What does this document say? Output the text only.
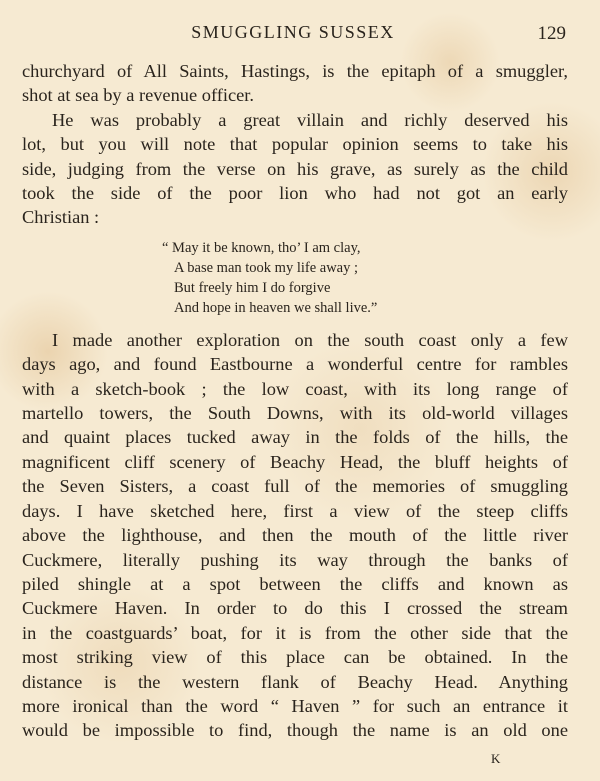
SMUGGLING SUSSEX	129

churchyard of All Saints, Hastings, is the epitaph of a smuggler,

shot at sea by a revenue officer.

He was probably a great villain and richly deserved his

lot, but you will note that popular opinion seems to take his

side, judging from the verse on his grave, as surely as the child

took the side of the poor lion who had not got an early

Christian :

“ May it be known, tho’ I am clay,
A base man took my life away ;
But freely him I do forgive
And hope in heaven we shall live.”

I made another exploration on the south coast only a few

days ago, and found Eastbourne a wonderful centre for rambles

with a sketch-book ; the low coast, with its long range of

martello towers, the South Downs, with its old-world villages

and quaint places tucked away in the folds of the hills, the

magnificent cliff scenery of Beachy Head, the bluff heights of

the Seven Sisters, a coast full of the memories of smuggling

days. I have sketched here, first a view of the steep cliffs

above the lighthouse, and then the mouth of the little river

Cuckmere, literally pushing its way through the banks of

piled shingle at a spot between the cliffs and known as

Cuckmere Haven. In order to do this I crossed the stream

in the coastguards’ boat, for it is from the other side that the

most striking view of this place can be obtained. In the

distance is the western flank of Beachy Head. Anything

more ironical than the word “ Haven ” for such an entrance it

would be impossible to find, though the name is an old one

K
